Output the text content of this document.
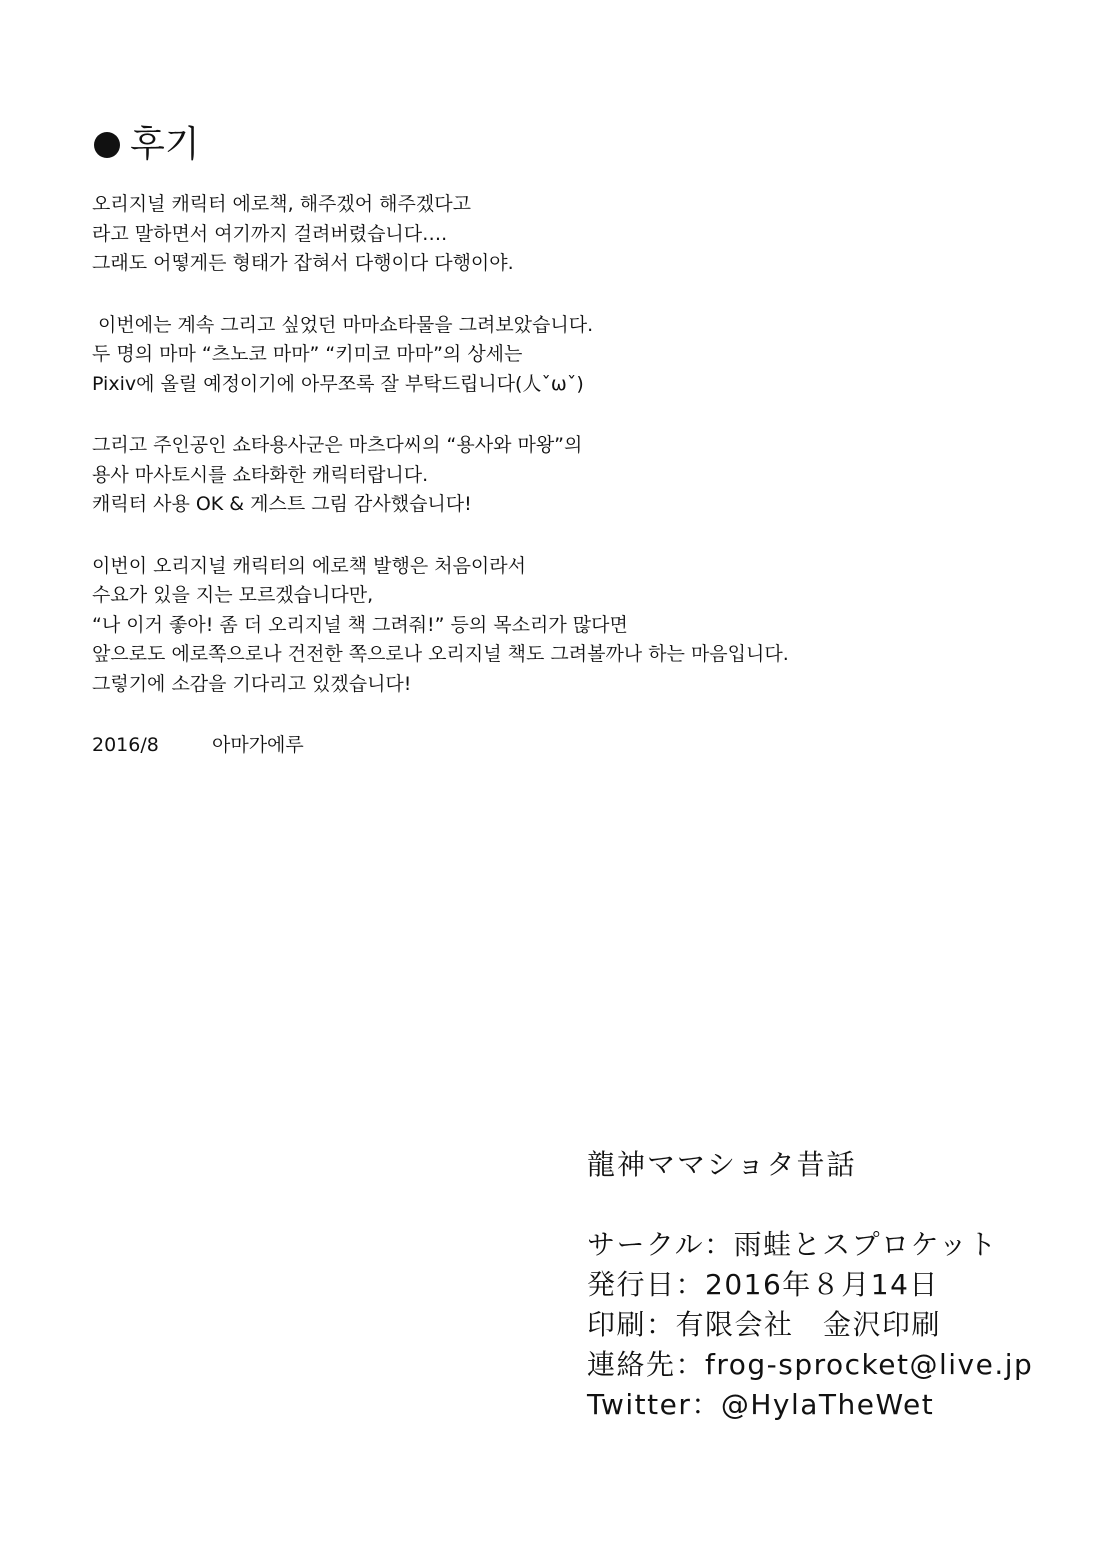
후기
오리지널 캐릭터 에로책, 해주겠어 해주겠다고
라고 말하면서 여기까지 걸려버렸습니다….
그래도 어떻게든 형태가 잡혀서 다행이다 다행이야.
이번에는 계속 그리고 싶었던 마마쇼타물을 그려보았습니다.
두 명의 마마 “츠노코 마마” “키미코 마마”의 상세는
Pixiv에 올릴 예정이기에 아무쪼록 잘 부탁드립니다(人ˇωˇ)
그리고 주인공인 쇼타용사군은 마츠다씨의 “용사와 마왕”의
용사 마사토시를 쇼타화한 캐릭터랍니다.
캐릭터 사용 OK & 게스트 그림 감사했습니다!
이번이 오리지널 캐릭터의 에로책 발행은 처음이라서
수요가 있을 지는 모르겠습니다만,
“나 이거 좋아! 좀 더 오리지널 책 그려줘!” 등의 목소리가 많다면
앞으로도 에로쪽으로나 건전한 쪽으로나 오리지널 책도 그려볼까나 하는 마음입니다.
그렇기에 소감을 기다리고 있겠습니다!
2016/8	아마가에루
龍神ママショタ昔話
サークル：雨蛙とスプロケット
発行日：2016年８月14日
印刷：有限会社　金沢印刷
連絡先：frog-sprocket@live.jp
Twitter：@HylaTheWet
